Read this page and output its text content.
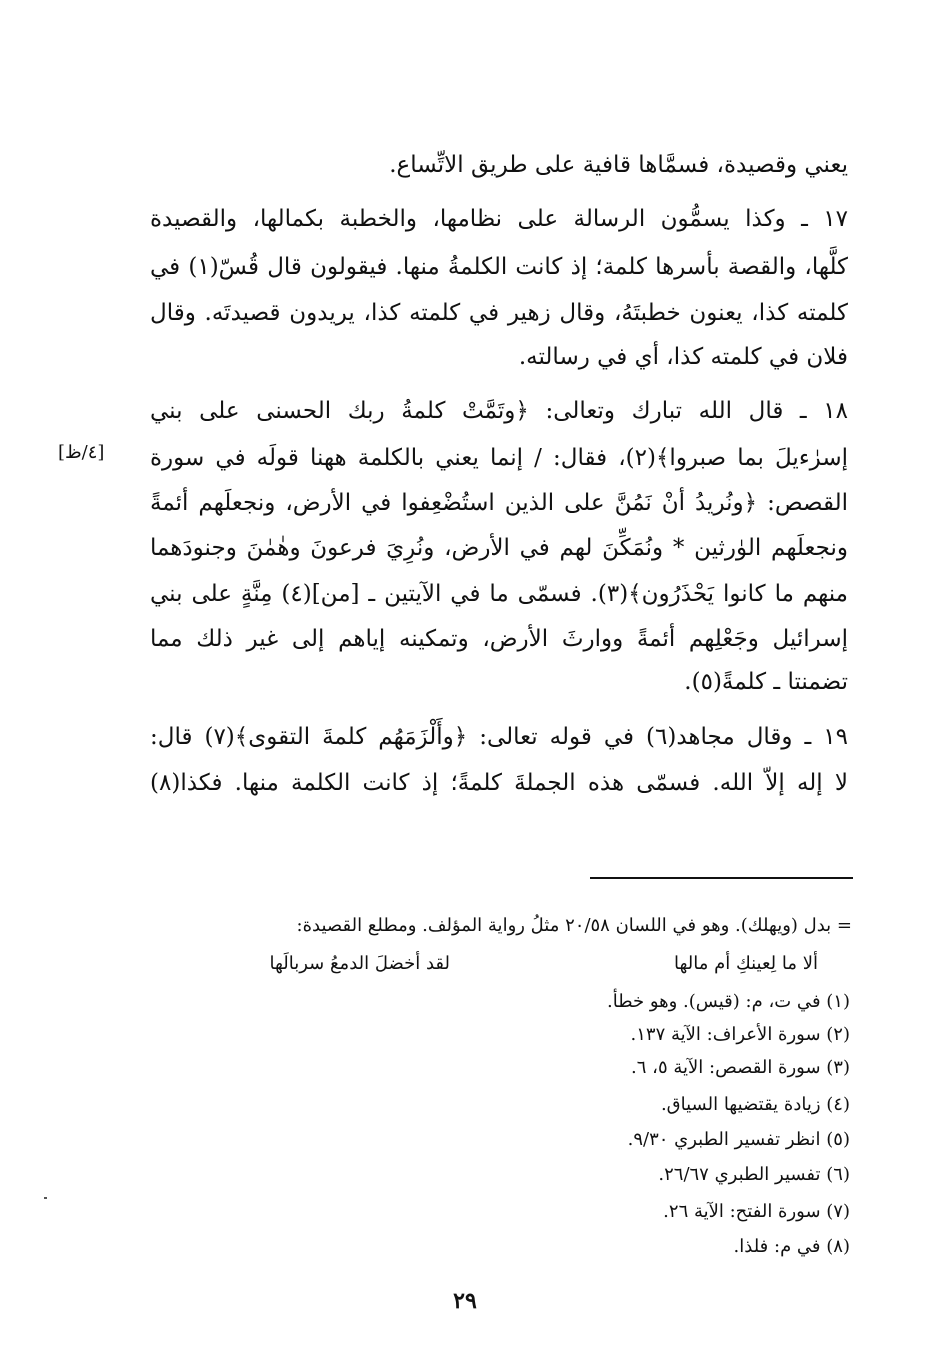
يعني وقصيدة، فسمَّاها قافية على طريق الاتِّساع.
١٧ ـ وكذا يسمُّون الرسالة على نظامها، والخطبة بكمالها، والقصيدة
كلَّها، والقصة بأسرها كلمة؛ إذ كانت الكلمةُ منها. فيقولون قال قُسّ(١) في
كلمته كذا، يعنون خطبتَهُ، وقال زهير في كلمته كذا، يريدون قصيدتَه. وقال
فلان في كلمته كذا، أي في رسالته.
١٨ ـ قال الله تبارك وتعالى: ﴿وتَمَّتْ كلمةُ ربك الحسنى على بني
إسرٰءيلَ بما صبروا﴾(٢)، فقال: / إنما يعني بالكلمة ههنا قولَه في سورة
القصص: ﴿ونُريدُ أنْ نَمُنَّ على الذين استُضْعِفوا في الأرض، ونجعلَهم أئمةً
ونجعلَهم الوٰرثين * ونُمَكِّنَ لهم في الأرض، ونُرِيَ فرعونَ وهٰمٰنَ وجنودَهما
منهم ما كانوا يَحْذَرُون﴾(٣). فسمّى ما في الآيتين ـ [من](٤) مِنَّةٍ على بني
إسرائيل وجَعْلِهم أئمةً ووارثَ الأرض، وتمكينه إياهم إلى غير ذلك مما
تضمنتا ـ كلمةً(٥).
١٩ ـ وقال مجاهد(٦) في قوله تعالى: ﴿وأَلْزَمَهُم كلمةَ التقوى﴾(٧) قال:
لا إله إلاّ الله. فسمّى هذه الجملةَ كلمةً؛ إذ كانت الكلمة منها. فكذا(٨)
[٤/ظ]
= بدل (ويهلك). وهو في اللسان ٢٠/٥٨ مثلُ رواية المؤلف. ومطلع القصيدة:
ألا ما لِعينكِ أم مالها
لقد أخضلَ الدمعُ سربالَها
(١) في ت، م: (قيس). وهو خطأ.
(٢) سورة الأعراف: الآية ١٣٧.
(٣) سورة القصص: الآية ٥، ٦.
(٤) زيادة يقتضيها السياق.
(٥) انظر تفسير الطبري ٩/٣٠.
(٦) تفسير الطبري ٢٦/٦٧.
(٧) سورة الفتح: الآية ٢٦.
(٨) في م: فلذا.
٢٩
